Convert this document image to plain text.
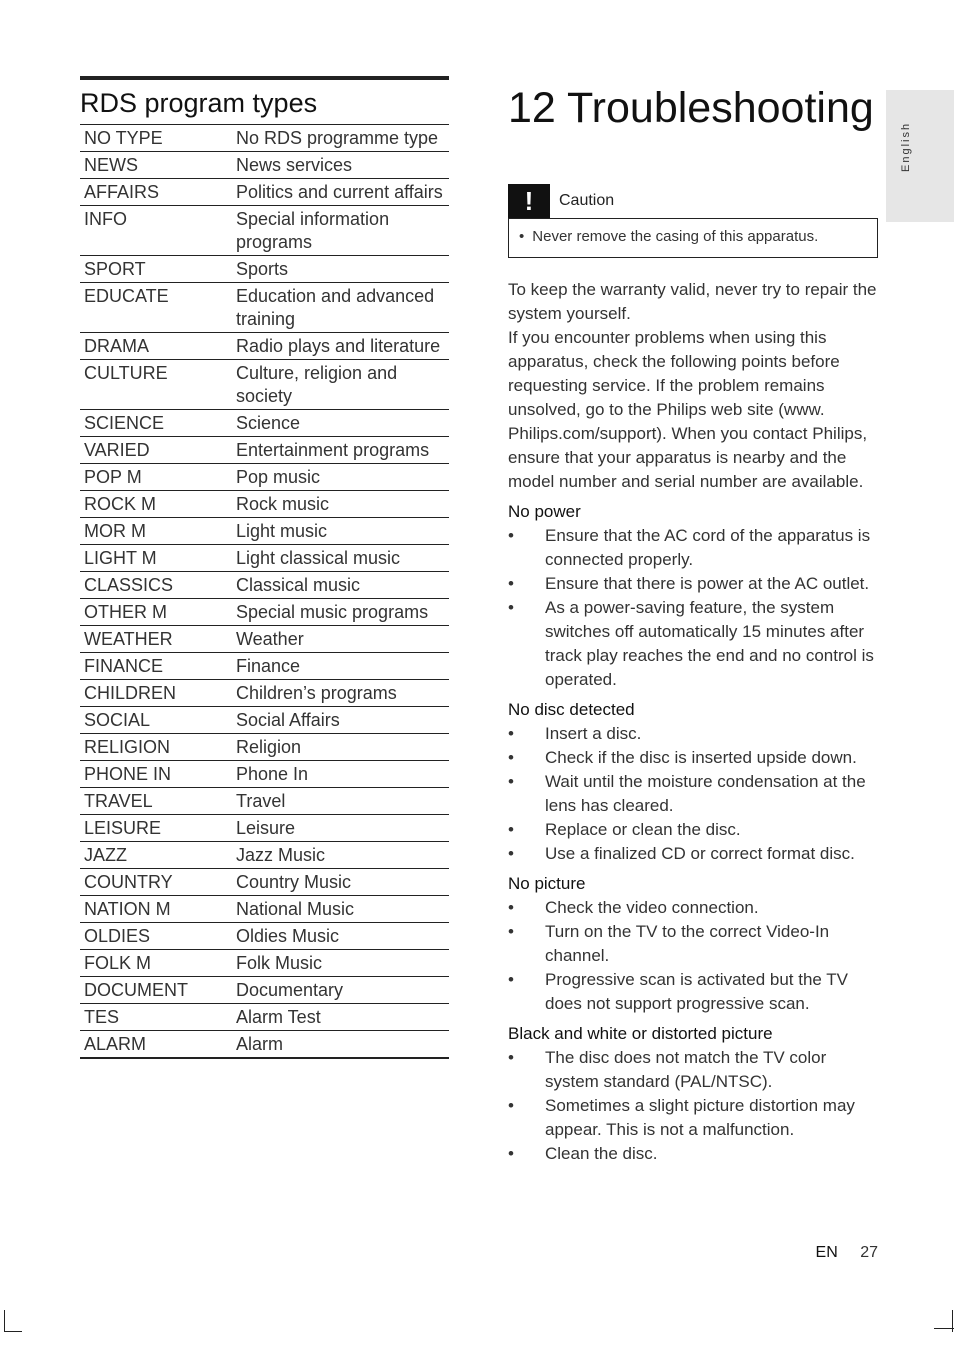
RDS program types
NO TYPE	No RDS programme type
NEWS	News services
AFFAIRS	Politics and current affairs
INFO	Special information programs
SPORT	Sports
EDUCATE	Education and advanced training
DRAMA	Radio plays and literature
CULTURE	Culture, religion and society
SCIENCE	Science
VARIED	Entertainment programs
POP M	Pop music
ROCK M	Rock music
MOR M	Light music
LIGHT M	Light classical music
CLASSICS	Classical music
OTHER M	Special music programs
WEATHER	Weather
FINANCE	Finance
CHILDREN	Children’s programs
SOCIAL	Social Affairs
RELIGION	Religion
PHONE IN	Phone In
TRAVEL	Travel
LEISURE	Leisure
JAZZ	Jazz Music
COUNTRY	Country Music
NATION M	National Music
OLDIES	Oldies Music
FOLK M	Folk Music
DOCUMENT	Documentary
TES	Alarm Test
ALARM	Alarm
12 Troubleshooting
!	Caution
• Never remove the casing of this apparatus.

To keep the warranty valid, never try to repair the system yourself.

If you encounter problems when using this apparatus, check the following points before requesting service. If the problem remains unsolved, go to the Philips web site (www. Philips.com/support). When you contact Philips, ensure that your apparatus is nearby and the model number and serial number are available.

No power
• Ensure that the AC cord of the apparatus is connected properly.
• Ensure that there is power at the AC outlet.
• As a power-saving feature, the system switches off automatically 15 minutes after track play reaches the end and no control is operated.
No disc detected
• Insert a disc.
• Check if the disc is inserted upside down.
• Wait until the moisture condensation at the lens has cleared.
• Replace or clean the disc.
• Use a finalized CD or correct format disc.
No picture
• Check the video connection.
• Turn on the TV to the correct Video-In channel.
• Progressive scan is activated but the TV does not support progressive scan.
Black and white or distorted picture
• The disc does not match the TV color system standard (PAL/NTSC).
• Sometimes a slight picture distortion may appear. This is not a malfunction.
• Clean the disc.
English
EN 27
